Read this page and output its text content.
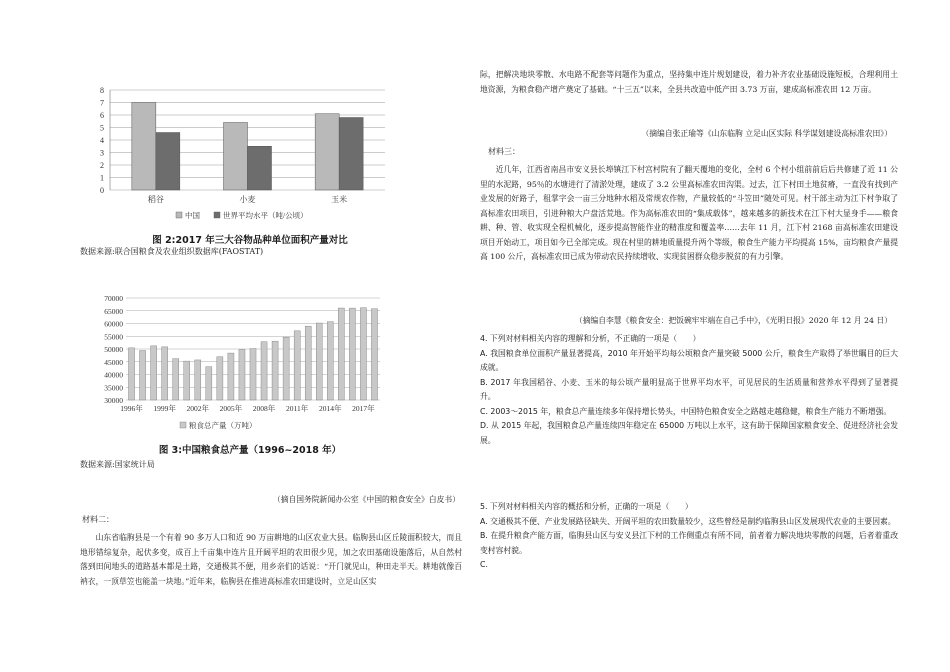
0
1
2
3
4
5
6
7
8
稻谷	小麦	玉米
中国	世界平均水平（吨/公顷）
图 2:2017 年三大谷物品种单位面积产量对比
数据来源:联合国粮食及农业组织数据库(FAOSTAT)
30000
35000
40000
45000
50000
55000
60000
65000
70000
1996年 1999年 2002年 2005年 2008年 2011年 2014年 2017年
粮食总产量（万吨）
图 3:中国粮食总产量（1996~2018 年）
数据来源:国家统计局
（摘自国务院新闻办公室《中国的粮食安全》白皮书）
材料二：

山东省临朐县是一个有着 90 多万人口和近 90 万亩耕地的山区农业大县。临朐县山区丘陵面积较大，而且地形错综复杂，起伏多变，成百上千亩集中连片且开阔平坦的农田很少见，加之农田基础设施落后，从自然村落到田间地头的道路基本都是土路，交通极其不便，用乡亲们的话说：“开门就见山，种田走半天。耕地就像百衲衣，一顶草笠也能盖一块地。”近年来，临朐县在推进高标准农田建设时，立足山区实

际，把解决地块零散、水电路不配套等问题作为重点，坚持集中连片规划建设，着力补齐农业基础设施短板，合理利用土地资源，为粮食稳产增产奠定了基础。“十三五”以来，全县共改造中低产田 3.73 万亩，建成高标准农田 12 万亩。

（摘编自张正瑜等《山东临朐 立足山区实际 科学谋划建设高标准农田》）
材料三：

近几年，江西省南昌市安义县长埠镇江下村宫村院有了翻天覆地的变化，全村 6 个村小组前前后后共修建了近 11 公里的水泥路，95％的水塘进行了清淤处理，建成了 3.2 公里高标准农田沟渠。过去，江下村田土地贫瘠，一直没有找到产业发展的好路子，租掌字会一亩三分地种水稻及常规农作物，产量较低的“斗笠田”随处可见。村干部主动为江下村争取了高标准农田项目，引进种粮大户盘活荒地。作为高标准农田的“集成载体”，越来越多的新技术在江下村大显身手——粮食耕、种、管、收实现全程机械化，逐步提高智能作业的精准度和覆盖率……去年 11 月，江下村 2168 亩高标准农田建设项目开始动工，项目如今已全部完成。现在村里的耕地质量提升两个等级，粮食生产能力平均提高 15%，亩均粮食产量提高 100 公斤，高标准农田已成为带动农民持续增收、实现贫困群众稳步脱贫的有力引擎。

（摘编自李慧《粮食安全：把饭碗牢牢端在自己手中》，《光明日报》2020 年 12 月 24 日）

4. 下列对材料相关内容的理解和分析，不正确的一项是（　　）

A. 我国粮食单位面积产量显著提高，2010 年开始平均每公顷粮食产量突破 5000 公斤，粮食生产取得了举世瞩目的巨大成就。

B. 2017 年我国稻谷、小麦、玉米的每公顷产量明显高于世界平均水平，可见居民的生活质量和营养水平得到了显著提升。

C. 2003～2015 年，粮食总产量连续多年保持增长势头，中国特色粮食安全之路越走越稳健，粮食生产能力不断增强。

D. 从 2015 年起，我国粮食总产量连续四年稳定在 65000 万吨以上水平，这有助于保障国家粮食安全、促进经济社会发展。

5. 下列对材料相关内容的概括和分析，正确的一项是（　　）

A. 交通极其不便、产业发展路径缺失、开阔平坦的农田数量较少，这些曾经是制约临朐县山区发展现代农业的主要因素。

B. 在提升粮食产能方面，临朐县山区与安义县江下村的工作侧重点有所不同，前者着力解决地块零散的问题，后者着重改变村容村貌。

C.
